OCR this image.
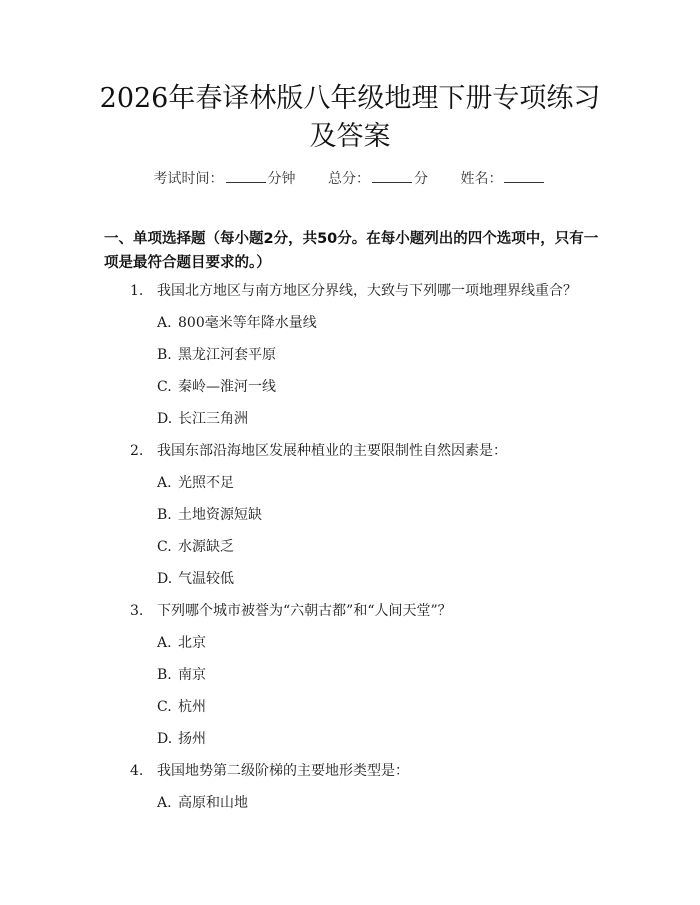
2026年春译林版八年级地理下册专项练习及答案
考试时间：	分钟 总分：	分 姓名：

一、单项选择题（每小题2分，共50分。在每小题列出的四个选项中，只有一项是最符合题目要求的。）

1. 我国北方地区与南方地区分界线，大致与下列哪一项地理界线重合？
A. 800毫米等年降水量线
B. 黑龙江河套平原
C. 秦岭—淮河一线
D. 长江三角洲
2. 我国东部沿海地区发展种植业的主要限制性自然因素是：
A. 光照不足
B. 土地资源短缺
C. 水源缺乏
D. 气温较低
3. 下列哪个城市被誉为“六朝古都”和“人间天堂”？
A. 北京
B. 南京
C. 杭州
D. 扬州
4. 我国地势第二级阶梯的主要地形类型是：
A. 高原和山地
